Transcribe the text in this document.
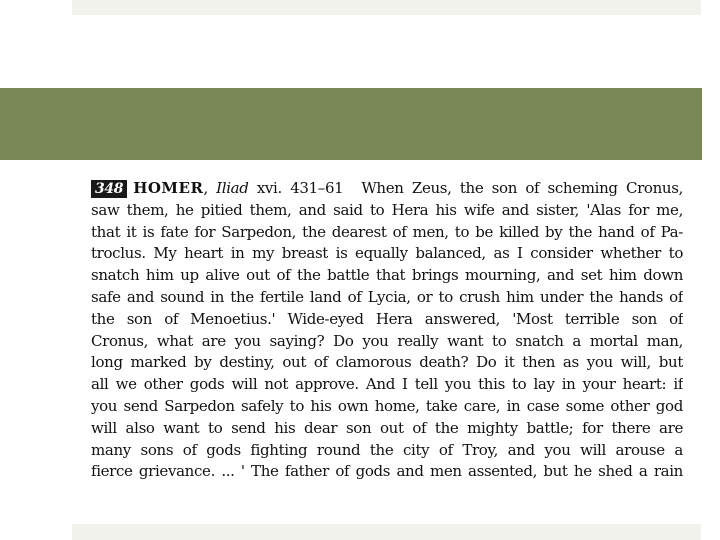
348 HOMER, Iliad xvi. 431–61 When Zeus, the son of scheming Cronus,
saw them, he pitied them, and said to Hera his wife and sister, 'Alas for me,
that it is fate for Sarpedon, the dearest of men, to be killed by the hand of Pa-
troclus. My heart in my breast is equally balanced, as I consider whether to
snatch him up alive out of the battle that brings mourning, and set him down
safe and sound in the fertile land of Lycia, or to crush him under the hands of
the son of Menoetius.' Wide-eyed Hera answered, 'Most terrible son of
Cronus, what are you saying? Do you really want to snatch a mortal man,
long marked by destiny, out of clamorous death? Do it then as you will, but
all we other gods will not approve. And I tell you this to lay in your heart: if
you send Sarpedon safely to his own home, take care, in case some other god
will also want to send his dear son out of the mighty battle; for there are
many sons of gods fighting round the city of Troy, and you will arouse a
fierce grievance. ... ' The father of gods and men assented, but he shed a rain
